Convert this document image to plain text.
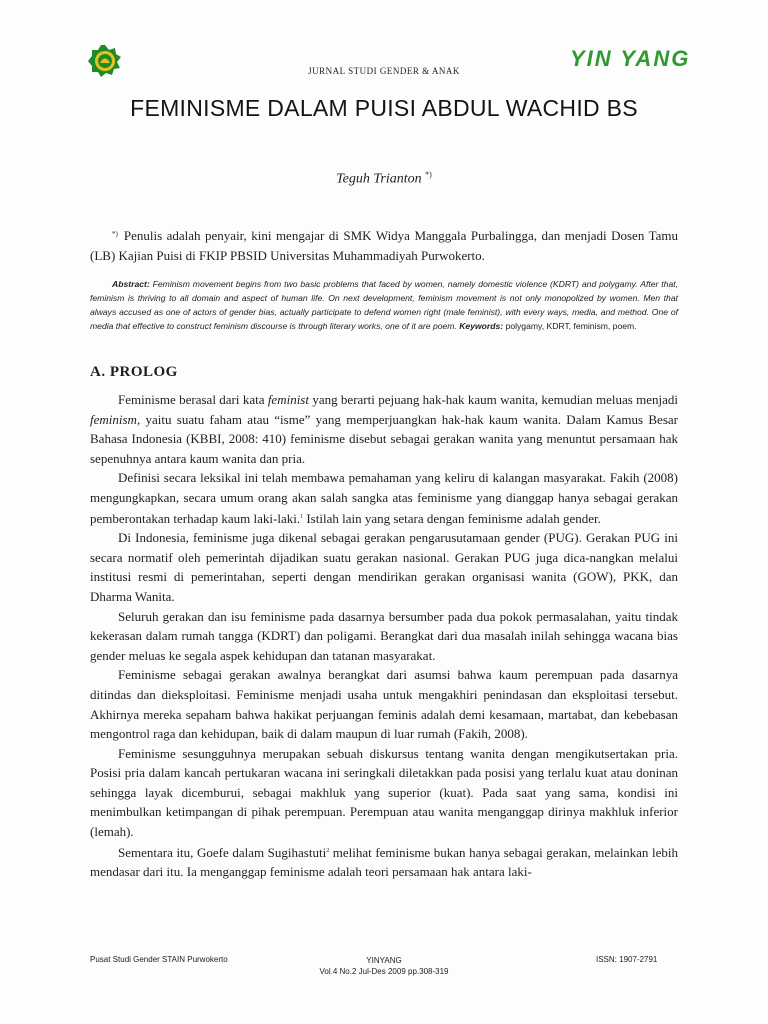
JURNAL STUDI GENDER & ANAK	YIN YANG
FEMINISME DALAM PUISI ABDUL WACHID BS
Teguh Trianton *)
*) Penulis adalah penyair, kini mengajar di SMK Widya Manggala Purbalingga, dan menjadi Dosen Tamu (LB) Kajian Puisi di FKIP PBSID Universitas Muhammadiyah Purwokerto.
Abstract: Feminism movement begins from two basic problems that faced by women, namely domestic violence (KDRT) and polygamy. After that, feminism is thriving to all domain and aspect of human life. On next development, feminism movement is not only monopolized by women. Men that always accused as one of actors of gender bias, actually participate to defend women right (male feminist), with every ways, media, and method. One of media that effective to construct feminism discourse is through literary works, one of it are poem. Keywords: polygamy, KDRT, feminism, poem.
A. PROLOG

Feminisme berasal dari kata feminist yang berarti pejuang hak-hak kaum wanita, kemudian meluas menjadi feminism, yaitu suatu faham atau “isme” yang memperjuangkan hak-hak kaum wanita. Dalam Kamus Besar Bahasa Indonesia (KBBI, 2008: 410) feminisme disebut sebagai gerakan wanita yang menuntut persamaan hak sepenuhnya antara kaum wanita dan pria.

Definisi secara leksikal ini telah membawa pemahaman yang keliru di kalangan masyarakat. Fakih (2008) mengungkapkan, secara umum orang akan salah sangka atas feminisme yang dianggap hanya sebagai gerakan pemberontakan terhadap kaum laki-laki.$^1$ Istilah lain yang setara dengan feminisme adalah gender.

Di Indonesia, feminisme juga dikenal sebagai gerakan pengarusutamaan gender (PUG). Gerakan PUG ini secara normatif oleh pemerintah dijadikan suatu gerakan nasional. Gerakan PUG juga dica-nangkan melalui institusi resmi di pemerintahan, seperti dengan mendirikan gerakan organisasi wanita (GOW), PKK, dan Dharma Wanita.

Seluruh gerakan dan isu feminisme pada dasarnya bersumber pada dua pokok permasalahan, yaitu tindak kekerasan dalam rumah tangga (KDRT) dan poligami. Berangkat dari dua masalah inilah sehingga wacana bias gender meluas ke segala aspek kehidupan dan tatanan masyarakat.

Feminisme sebagai gerakan awalnya berangkat dari asumsi bahwa kaum perempuan pada dasarnya ditindas dan dieksploitasi. Feminisme menjadi usaha untuk mengakhiri penindasan dan eksploitasi tersebut. Akhirnya mereka sepaham bahwa hakikat perjuangan feminis adalah demi kesamaan, martabat, dan kebebasan mengontrol raga dan kehidupan, baik di dalam maupun di luar rumah (Fakih, 2008).

Feminisme sesungguhnya merupakan sebuah diskursus tentang wanita dengan mengikutsertakan pria. Posisi pria dalam kancah pertukaran wacana ini seringkali diletakkan pada posisi yang terlalu kuat atau doninan sehingga layak dicemburui, sebagai makhluk yang superior (kuat). Pada saat yang sama, kondisi ini menimbulkan ketimpangan di pihak perempuan. Perempuan atau wanita menganggap dirinya makhluk inferior (lemah).

Sementara itu, Goefe dalam Sugihastuti$^2$ melihat feminisme bukan hanya sebagai gerakan, melainkan lebih mendasar dari itu. Ia menganggap feminisme adalah teori persamaan hak antara laki-

Pusat Studi Gender STAIN Purwokerto	YINYANG
Vol.4 No.2 Jul-Des 2009 pp.308-319
ISSN: 1907-2791
